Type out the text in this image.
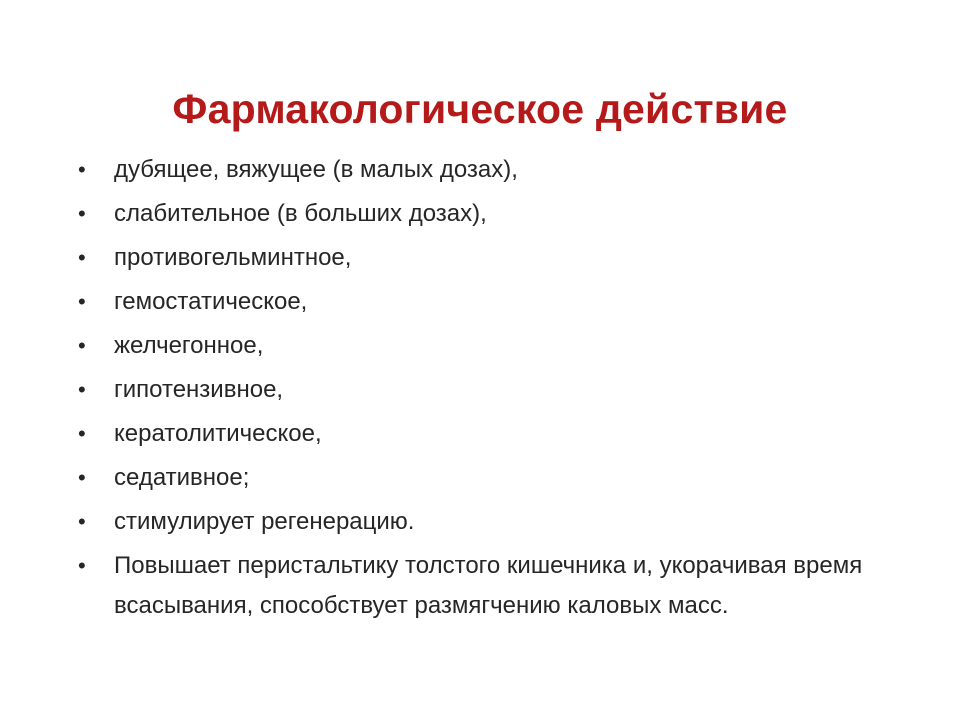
Фармакологическое действие
•	дубящее, вяжущее (в малых дозах),
•	слабительное (в больших дозах),
•	противогельминтное,
•	гемостатическое,
•	желчегонное,
•	гипотензивное,
•	кератолитическое,
•	седативное;
•	стимулирует регенерацию.
•	Повышает перистальтику толстого кишечника и, укорачивая время всасывания, способствует размягчению каловых масс.
